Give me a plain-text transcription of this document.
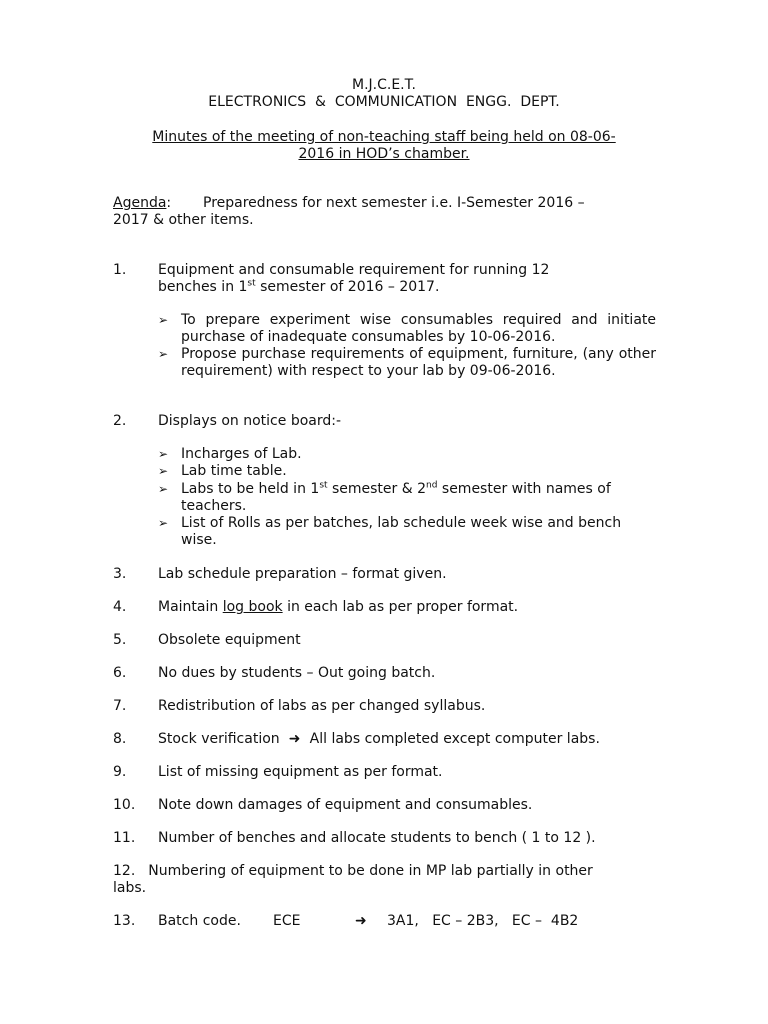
M.J.C.E.T.
ELECTRONICS  &  COMMUNICATION  ENGG.  DEPT.
Minutes of the meeting of non-teaching staff being held on 08-06-
2016 in HOD’s chamber.
Agenda: Preparedness for next semester i.e. I-Semester 2016 –
2017 & other items.
1.	Equipment and consumable requirement for running 12
benches in 1st semester of 2016 – 2017.
➢ To prepare experiment wise consumables required and initiate purchase of inadequate consumables by 10-06-2016.
➢ Propose purchase requirements of equipment, furniture, (any other requirement) with respect to your lab by 09-06-2016.
2.	Displays on notice board:-
➢ Incharges of Lab.
➢ Lab time table.
➢ Labs to be held in 1st semester & 2nd semester with names of teachers.
➢ List of Rolls as per batches, lab schedule week wise and bench wise.
3.	Lab schedule preparation – format given.
4.	Maintain log book in each lab as per proper format.
5.	Obsolete equipment
6.	No dues by students – Out going batch.
7.	Redistribution of labs as per changed syllabus.
8.	Stock verification ➜ All labs completed except computer labs.
9.	List of missing equipment as per format.
10.	Note down damages of equipment and consumables.
11.	Number of benches and allocate students to bench ( 1 to 12 ).
12. Numbering of equipment to be done in MP lab partially in other
labs.
13.	Batch code. ECE	➜ 3A1,   EC – 2B3,   EC –  4B2
